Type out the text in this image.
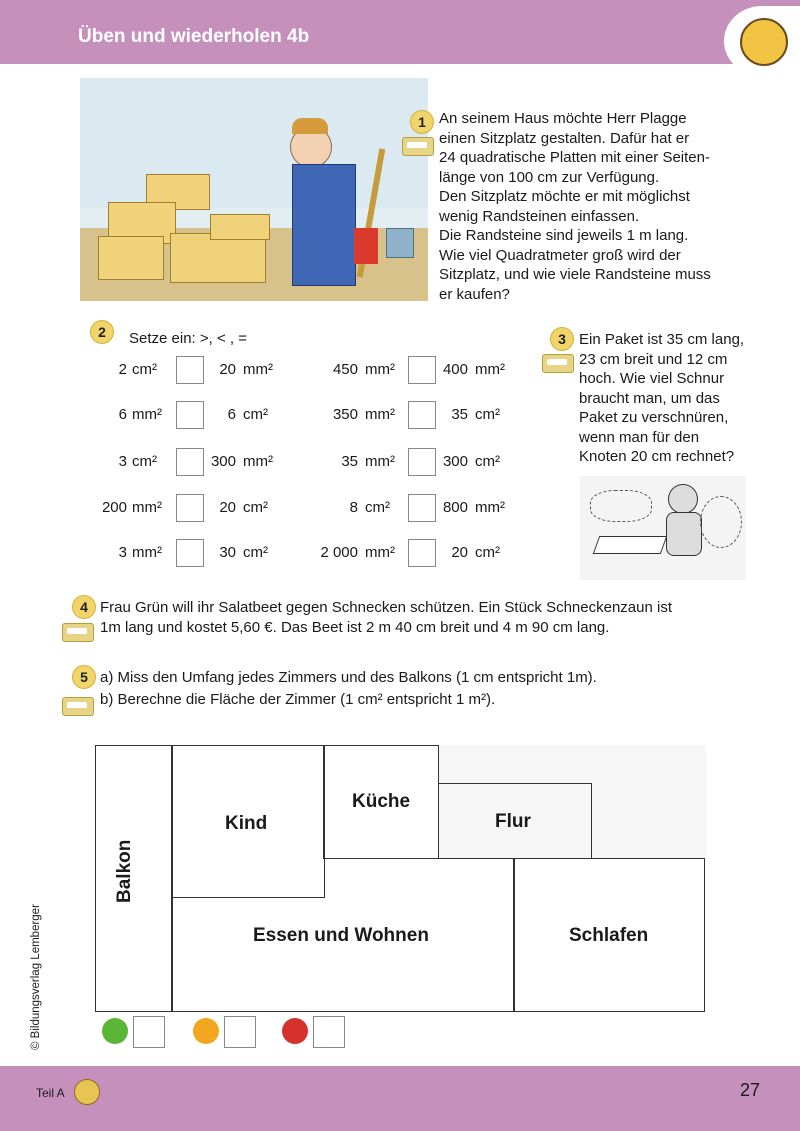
Üben und wiederholen 4b
1 An seinem Haus möchte Herr Plagge
einen Sitzplatz gestalten. Dafür hat er
24 quadratische Platten mit einer Seiten-
länge von 100 cm zur Verfügung.
Den Sitzplatz möchte er mit möglichst
wenig Randsteinen einfassen.
Die Randsteine sind jeweils 1 m lang.
Wie viel Quadratmeter groß wird der
Sitzplatz, und wie viele Randsteine muss
er kaufen?
2	Setze ein: >, < , =
2 cm²	20 mm²	450 mm²	400 mm²
6 mm²	6 cm²	350 mm²	35 cm²
3 cm²	300 mm²	35 mm²	300 cm²
200 mm²	20 cm²	8 cm²	800 mm²
3 mm²	30 cm²	2 000 mm²	20 cm²
3 Ein Paket ist 35 cm lang,
23 cm breit und 12 cm
hoch. Wie viel Schnur
braucht man, um das
Paket zu verschnüren,
wenn man für den
Knoten 20 cm rechnet?
4 Frau Grün will ihr Salatbeet gegen Schnecken schützen. Ein Stück Schneckenzaun ist
1m lang und kostet 5,60 €. Das Beet ist 2 m 40 cm breit und 4 m 90 cm lang.
5 a) Miss den Umfang jedes Zimmers und des Balkons (1 cm entspricht 1m).
b) Berechne die Fläche der Zimmer (1 cm² entspricht 1 m²).
Balkon
Kind
Küche
Flur
Essen und Wohnen	Schlafen
© Bildungsverlag Lemberger
Teil A	27
